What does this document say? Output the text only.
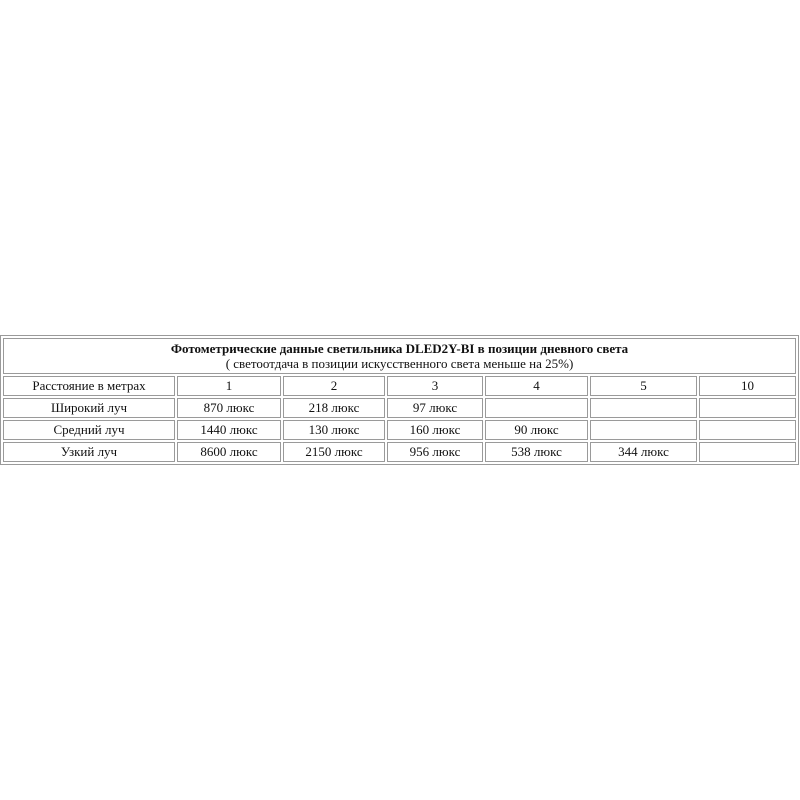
Фотометрические данные светильника DLED2Y-BI в позиции дневного света
( светоотдача в позиции искусственного света меньше на 25%)						

Расстояние в метрах	1	2	3	4	5	10
Широкий луч	870 люкс	218 люкс	97 люкс			
Средний луч	1440 люкс	130 люкс	160 люкс	90 люкс		
Узкий луч	8600 люкс	2150 люкс	956 люкс	538 люкс	344 люкс	
